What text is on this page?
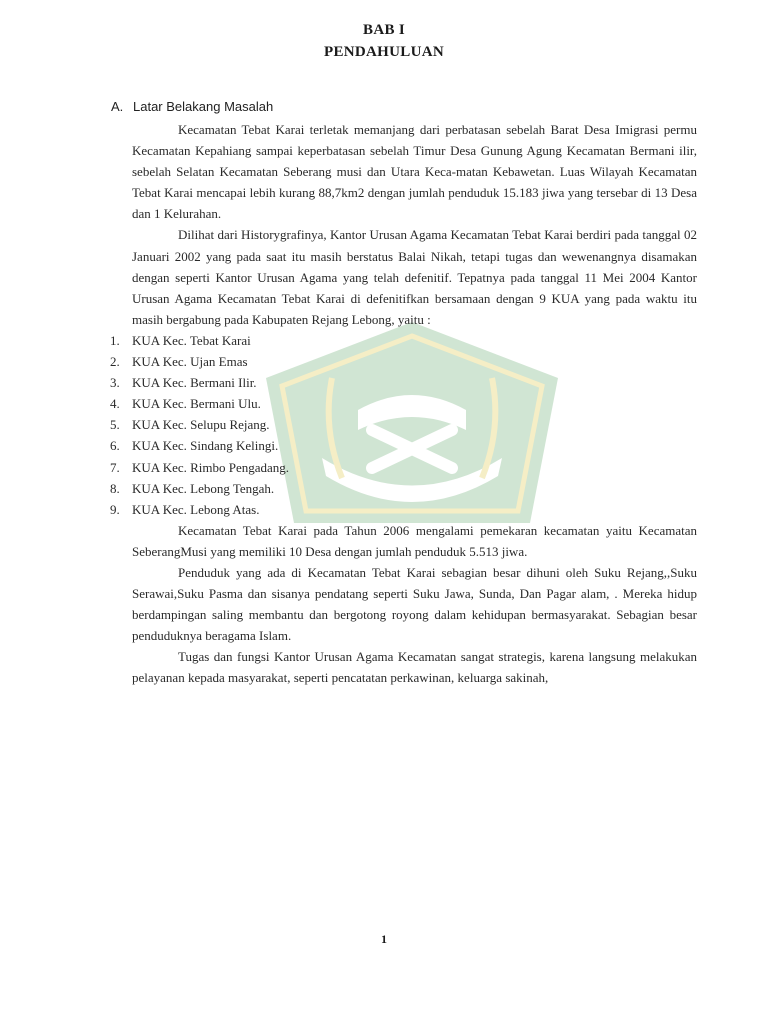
BAB I
PENDAHULUAN
A. Latar Belakang Masalah

Kecamatan Tebat Karai terletak memanjang dari perbatasan sebelah Barat Desa Imigrasi permu Kecamatan Kepahiang sampai keperbatasan sebelah Timur Desa Gunung Agung Kecamatan Bermani ilir, sebelah Selatan Kecamatan Seberang musi dan Utara Keca-matan Kebawetan. Luas Wilayah Kecamatan Tebat Karai mencapai lebih kurang 88,7km2 dengan jumlah penduduk 15.183 jiwa yang tersebar di 13 Desa dan 1 Kelurahan.

Dilihat dari Historygrafinya, Kantor Urusan Agama Kecamatan Tebat Karai berdiri pada tanggal 02 Januari 2002 yang pada saat itu masih berstatus Balai Nikah, tetapi tugas dan wewenangnya disamakan dengan seperti Kantor Urusan Agama yang telah defenitif. Tepatnya pada tanggal 11 Mei 2004 Kantor Urusan Agama Kecamatan Tebat Karai di defenitifkan bersamaan dengan 9 KUA yang pada waktu itu masih bergabung pada Kabupaten Rejang Lebong, yaitu :

1. KUA Kec. Tebat Karai
2. KUA Kec. Ujan Emas
3. KUA Kec. Bermani Ilir.
4. KUA Kec. Bermani Ulu.
5. KUA Kec. Selupu Rejang.
6. KUA Kec. Sindang Kelingi.
7. KUA Kec. Rimbo Pengadang.
8. KUA Kec. Lebong Tengah.
9. KUA Kec. Lebong Atas.

Kecamatan Tebat Karai pada Tahun 2006 mengalami pemekaran kecamatan yaitu Kecamatan SeberangMusi yang memiliki 10 Desa dengan jumlah penduduk 5.513 jiwa.

Penduduk yang ada di Kecamatan Tebat Karai sebagian besar dihuni oleh Suku Rejang,,Suku Serawai,Suku Pasma dan sisanya pendatang seperti Suku Jawa, Sunda, Dan Pagar alam, . Mereka hidup berdampingan saling membantu dan bergotong royong dalam kehidupan bermasyarakat. Sebagian besar penduduknya beragama Islam.

Tugas dan fungsi Kantor Urusan Agama Kecamatan sangat strategis, karena langsung melakukan pelayanan kepada masyarakat, seperti pencatatan perkawinan, keluarga sakinah,

1
